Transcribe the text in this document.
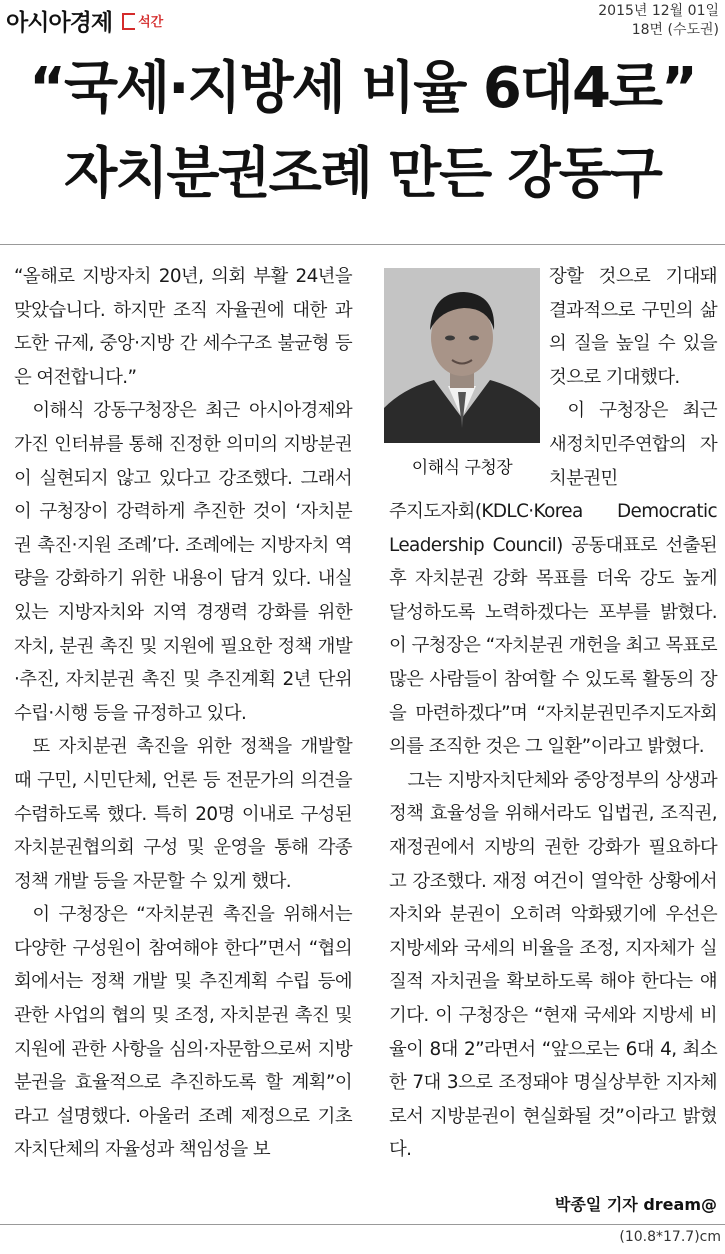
아시아경제 석간
2015년 12월 01일
18면 (수도권)
“국세·지방세 비율 6대4로”
자치분권조례 만든 강동구

“올해로 지방자치 20년, 의회 부활 24년을 맞았습니다. 하지만 조직 자율권에 대한 과도한 규제, 중앙·지방 간 세수구조 불균형 등은 여전합니다.”

이해식 강동구청장은 최근 아시아경제와 가진 인터뷰를 통해 진정한 의미의 지방분권이 실현되지 않고 있다고 강조했다. 그래서 이 구청장이 강력하게 추진한 것이 ‘자치분권 촉진·지원 조례’다. 조례에는 지방자치 역량을 강화하기 위한 내용이 담겨 있다. 내실있는 지방자치와 지역 경쟁력 강화를 위한 자치, 분권 촉진 및 지원에 필요한 정책 개발·추진, 자치분권 촉진 및 추진계획 2년 단위 수립·시행 등을 규정하고 있다.

또 자치분권 촉진을 위한 정책을 개발할 때 구민, 시민단체, 언론 등 전문가의 의견을 수렴하도록 했다. 특히 20명 이내로 구성된 자치분권협의회 구성 및 운영을 통해 각종 정책 개발 등을 자문할 수 있게 했다.

이 구청장은 “자치분권 촉진을 위해서는 다양한 구성원이 참여해야 한다”면서 “협의회에서는 정책 개발 및 추진계획 수립 등에 관한 사업의 협의 및 조정, 자치분권 촉진 및 지원에 관한 사항을 심의·자문함으로써 지방분권을 효율적으로 추진하도록 할 계획”이라고 설명했다. 아울러 조례 제정으로 기초자치단체의 자율성과 책임성을 보

이해식 구청장

장할 것으로 기대돼 결과적으로 구민의 삶의 질을 높일 수 있을 것으로 기대했다.

이 구청장은 최근 새정치민주연합의 자치분권민

주지도자회(KDLC·Korea Democratic Leadership Council) 공동대표로 선출된 후 자치분권 강화 목표를 더욱 강도 높게 달성하도록 노력하겠다는 포부를 밝혔다. 이 구청장은 “자치분권 개헌을 최고 목표로 많은 사람들이 참여할 수 있도록 활동의 장을 마련하겠다”며 “자치분권민주지도자회의를 조직한 것은 그 일환”이라고 밝혔다.

그는 지방자치단체와 중앙정부의 상생과 정책 효율성을 위해서라도 입법권, 조직권, 재정권에서 지방의 권한 강화가 필요하다고 강조했다. 재정 여건이 열악한 상황에서 자치와 분권이 오히려 악화됐기에 우선은 지방세와 국세의 비율을 조정, 지자체가 실질적 자치권을 확보하도록 해야 한다는 얘기다. 이 구청장은 “현재 국세와 지방세 비율이 8대 2”라면서 “앞으로는 6대 4, 최소한 7대 3으로 조정돼야 명실상부한 지자체로서 지방분권이 현실화될 것”이라고 밝혔다.

박종일 기자 dream@
(10.8*17.7)cm
